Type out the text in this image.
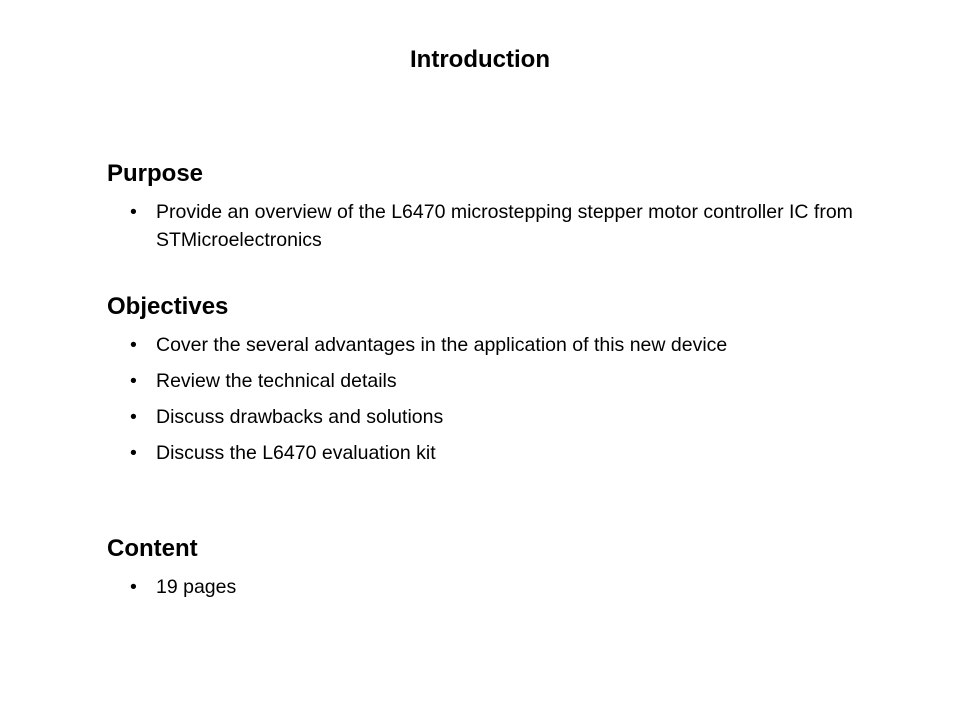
Introduction
Purpose
• Provide an overview of the L6470 microstepping stepper motor controller IC from STMicroelectronics
Objectives
• Cover the several advantages in the application of this new device
• Review the technical details
• Discuss drawbacks and solutions
• Discuss the L6470 evaluation kit
Content
• 19 pages
